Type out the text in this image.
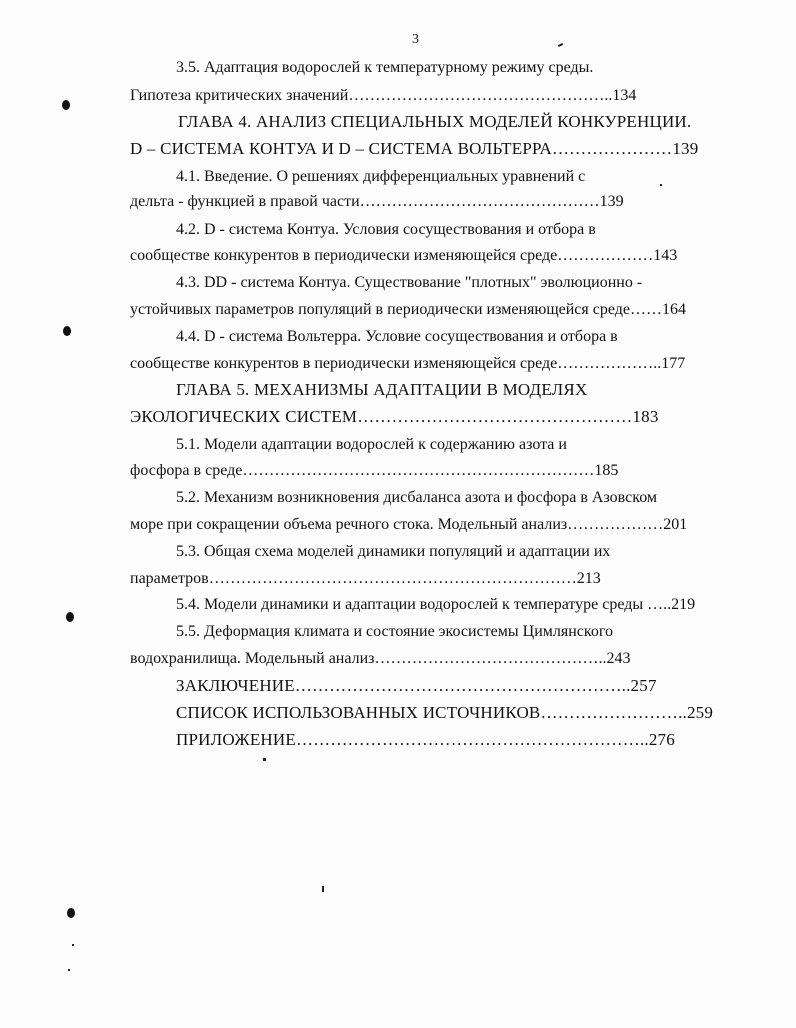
3
3.5. Адаптация водорослей к температурному режиму среды.
Гипотеза критических значений…………………………………………..134
ГЛАВА 4. АНАЛИЗ СПЕЦИАЛЬНЫХ МОДЕЛЕЙ КОНКУРЕНЦИИ.
D – СИСТЕМА КОНТУА И D – СИСТЕМА ВОЛЬТЕРРА…………………139
4.1. Введение. О решениях дифференциальных уравнений с
дельта - функцией в правой части………………………………………139
4.2. D - система Контуа. Условия сосуществования и отбора в
сообществе конкурентов в периодически изменяющейся среде………………143
4.3. DD - система Контуа. Существование "плотных" эволюционно -
устойчивых параметров популяций в периодически изменяющейся среде……164
4.4. D - система Вольтерра. Условие сосуществования и отбора в
сообществе конкурентов в периодически изменяющейся среде………………..177
ГЛАВА 5. МЕХАНИЗМЫ АДАПТАЦИИ В МОДЕЛЯХ
ЭКОЛОГИЧЕСКИХ СИСТЕМ…………………………………………183
5.1. Модели адаптации водорослей к содержанию азота и
фосфора в среде…………………………………………………………185
5.2. Механизм возникновения дисбаланса азота и фосфора в Азовском
море при сокращении объема речного стока. Модельный анализ………………201
5.3. Общая схема моделей динамики популяций и адаптации их
параметров……………………………………………………………213
5.4. Модели динамики и адаптации водорослей к температуре среды …..219
5.5. Деформация климата и состояние экосистемы Цимлянского
водохранилища. Модельный анализ……………………………………..243
ЗАКЛЮЧЕНИЕ…………………………………………………..257
СПИСОК ИСПОЛЬЗОВАННЫХ ИСТОЧНИКОВ……………………..259
ПРИЛОЖЕНИЕ……………………………………………………..276
